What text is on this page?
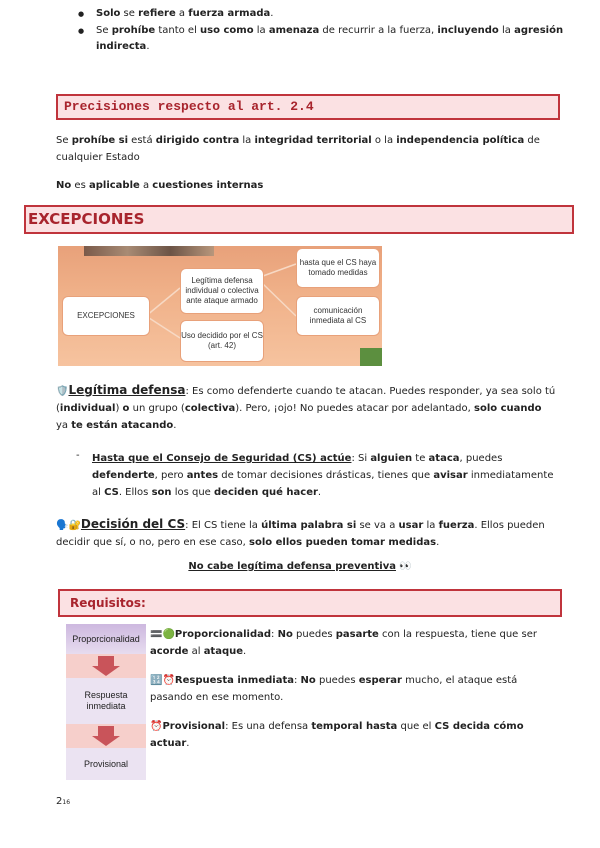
● Solo se refiere a fuerza armada.
● Se prohíbe tanto el uso como la amenaza de recurrir a la fuerza, incluyendo la agresión indirecta.
Precisiones respecto al art. 2.4
Se prohíbe si está dirigido contra la integridad territorial o la independencia política de cualquier Estado
No es aplicable a cuestiones internas
EXCEPCIONES
EXCEPCIONES
Legítima defensa individual o colectiva ante ataque armado
Uso decidido por el CS
(art. 42)
hasta que el CS haya tomado medidas
comunicación inmediata al CS
🛡️Legítima defensa: Es como defenderte cuando te atacan. Puedes responder, ya sea solo tú (individual) o un grupo (colectiva). Pero, ¡ojo! No puedes atacar por adelantado, solo cuando ya te están atacando.
- Hasta que el Consejo de Seguridad (CS) actúe: Si alguien te ataca, puedes defenderte, pero antes de tomar decisiones drásticas, tienes que avisar inmediatamente al CS. Ellos son los que deciden qué hacer.
🗣️🔐Decisión del CS: El CS tiene la última palabra si se va a usar la fuerza. Ellos pueden decidir que sí, o no, pero en ese caso, solo ellos pueden tomar medidas.
No cabe legítima defensa preventiva 👀
Requisitos:
Proporcionalidad
Respuesta inmediata
Provisional
🟰🟢Proporcionalidad: No puedes pasarte con la respuesta, tiene que ser acorde al ataque.
🔢⏰Respuesta inmediata: No puedes esperar mucho, el ataque está pasando en ese momento.
⏰Provisional: Es una defensa temporal hasta que el CS decida cómo actuar.
216
